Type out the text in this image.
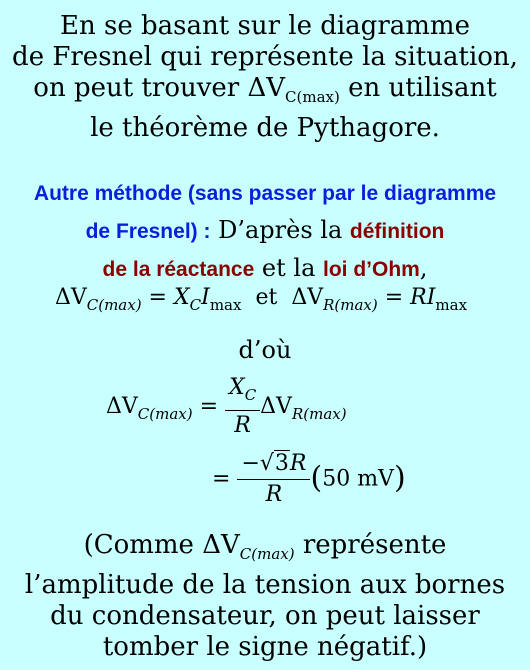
En se basant sur le diagramme
de Fresnel qui représente la situation,
on peut trouver $\Delta V_{C(max)}$ en utilisant
le théorème de Pythagore.
Autre méthode (sans passer par le diagramme
de Fresnel) : D’après la définition
de la réactance et la loi d’Ohm,
$\Delta V_{C(max)} = X_CI_{max}$  et  $\Delta V_{R(max)} = RI_{max}$
d’où
$\Delta V_{C(max)} = \frac{X_C}{R} \Delta V_{R(max)}$
= $\frac{-√3R}{R} (50$ mV)
(Comme $\Delta V_{C(max)}$ représente
l’amplitude de la tension aux bornes
du condensateur, on peut laisser
tomber le signe négatif.)
